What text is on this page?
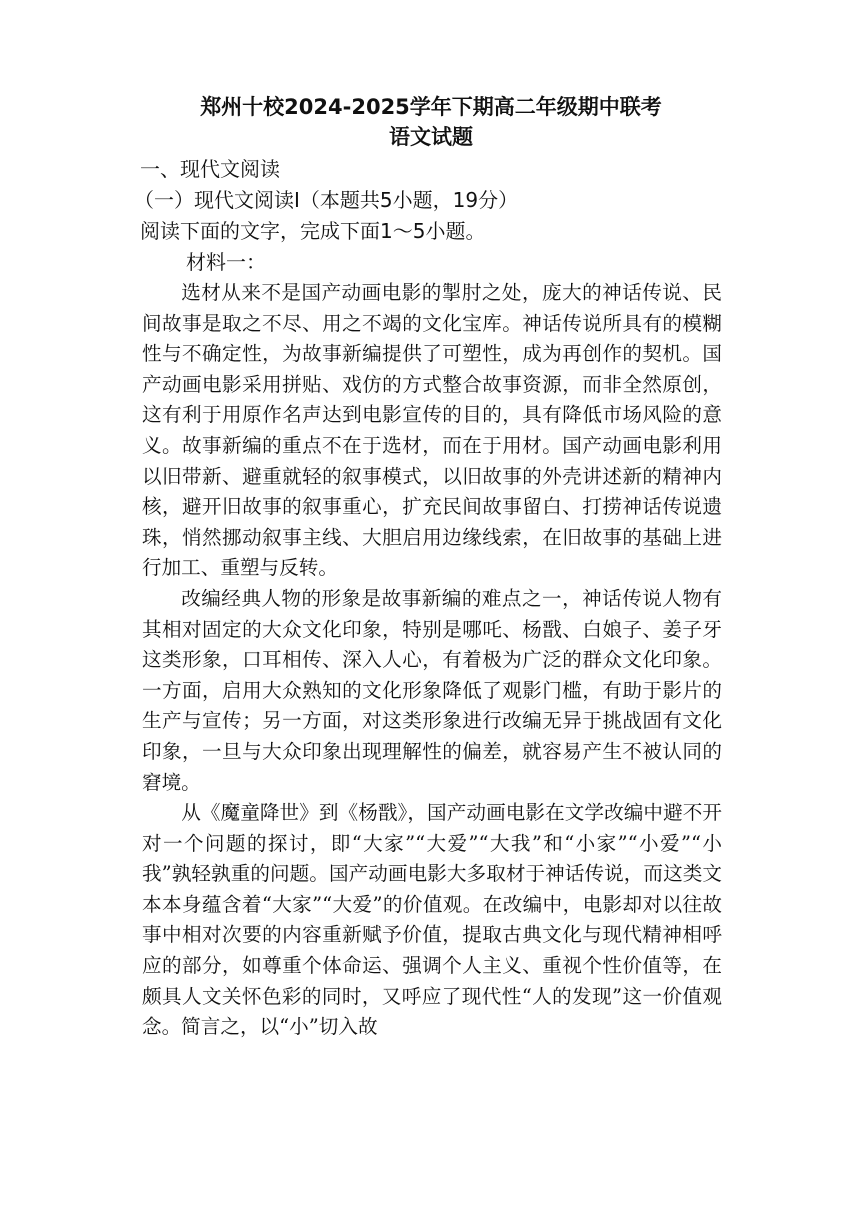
郑州十校2024-2025学年下期高二年级期中联考
语文试题
一、现代文阅读
（一）现代文阅读Ⅰ（本题共5小题，19分）
阅读下面的文字，完成下面1～5小题。
材料一：

选材从来不是国产动画电影的掣肘之处，庞大的神话传说、民间故事是取之不尽、用之不竭的文化宝库。神话传说所具有的模糊性与不确定性，为故事新编提供了可塑性，成为再创作的契机。国产动画电影采用拼贴、戏仿的方式整合故事资源，而非全然原创，这有利于用原作名声达到电影宣传的目的，具有降低市场风险的意义。故事新编的重点不在于选材，而在于用材。国产动画电影利用以旧带新、避重就轻的叙事模式，以旧故事的外壳讲述新的精神内核，避开旧故事的叙事重心，扩充民间故事留白、打捞神话传说遗珠，悄然挪动叙事主线、大胆启用边缘线索，在旧故事的基础上进行加工、重塑与反转。

改编经典人物的形象是故事新编的难点之一，神话传说人物有其相对固定的大众文化印象，特别是哪吒、杨戬、白娘子、姜子牙这类形象，口耳相传、深入人心，有着极为广泛的群众文化印象。一方面，启用大众熟知的文化形象降低了观影门槛，有助于影片的生产与宣传；另一方面，对这类形象进行改编无异于挑战固有文化印象，一旦与大众印象出现理解性的偏差，就容易产生不被认同的窘境。

从《魔童降世》到《杨戬》，国产动画电影在文学改编中避不开对一个问题的探讨，即“大家”“大爱”“大我”和“小家”“小爱”“小我”孰轻孰重的问题。国产动画电影大多取材于神话传说，而这类文本本身蕴含着“大家”“大爱”的价值观。在改编中，电影却对以往故事中相对次要的内容重新赋予价值，提取古典文化与现代精神相呼应的部分，如尊重个体命运、强调个人主义、重视个性价值等，在颇具人文关怀色彩的同时，又呼应了现代性“人的发现”这一价值观念。简言之，以“小”切入故
